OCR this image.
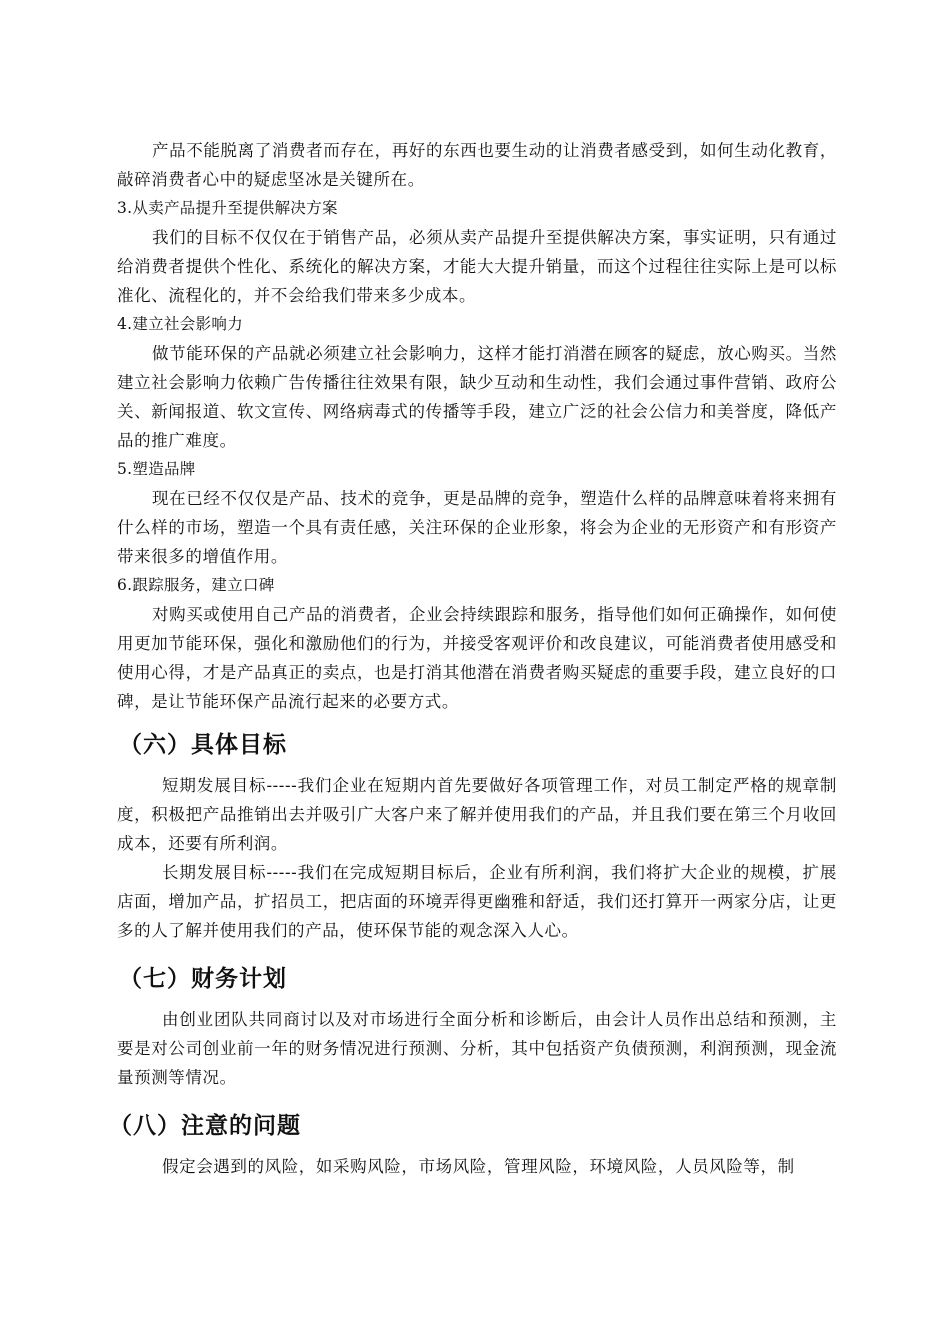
产品不能脱离了消费者而存在，再好的东西也要生动的让消费者感受到，如何生动化教育，敲碎消费者心中的疑虑坚冰是关键所在。

3.从卖产品提升至提供解决方案

我们的目标不仅仅在于销售产品，必须从卖产品提升至提供解决方案，事实证明，只有通过给消费者提供个性化、系统化的解决方案，才能大大提升销量，而这个过程往往实际上是可以标准化、流程化的，并不会给我们带来多少成本。

4.建立社会影响力

做节能环保的产品就必须建立社会影响力，这样才能打消潜在顾客的疑虑，放心购买。当然建立社会影响力依赖广告传播往往效果有限，缺少互动和生动性，我们会通过事件营销、政府公关、新闻报道、软文宣传、网络病毒式的传播等手段，建立广泛的社会公信力和美誉度，降低产品的推广难度。

5.塑造品牌

现在已经不仅仅是产品、技术的竞争，更是品牌的竞争，塑造什么样的品牌意味着将来拥有什么样的市场，塑造一个具有责任感，关注环保的企业形象，将会为企业的无形资产和有形资产带来很多的增值作用。

6.跟踪服务，建立口碑

对购买或使用自己产品的消费者，企业会持续跟踪和服务，指导他们如何正确操作，如何使用更加节能环保，强化和激励他们的行为，并接受客观评价和改良建议，可能消费者使用感受和使用心得，才是产品真正的卖点，也是打消其他潜在消费者购买疑虑的重要手段，建立良好的口碑，是让节能环保产品流行起来的必要方式。

（六）具体目标

短期发展目标-----我们企业在短期内首先要做好各项管理工作，对员工制定严格的规章制度，积极把产品推销出去并吸引广大客户来了解并使用我们的产品，并且我们要在第三个月收回成本，还要有所利润。

长期发展目标-----我们在完成短期目标后，企业有所利润，我们将扩大企业的规模，扩展店面，增加产品，扩招员工，把店面的环境弄得更幽雅和舒适，我们还打算开一两家分店，让更多的人了解并使用我们的产品，使环保节能的观念深入人心。

（七）财务计划

由创业团队共同商讨以及对市场进行全面分析和诊断后，由会计人员作出总结和预测，主要是对公司创业前一年的财务情况进行预测、分析，其中包括资产负债预测，利润预测，现金流量预测等情况。

（八）注意的问题

假定会遇到的风险，如采购风险，市场风险，管理风险，环境风险，人员风险等，制
